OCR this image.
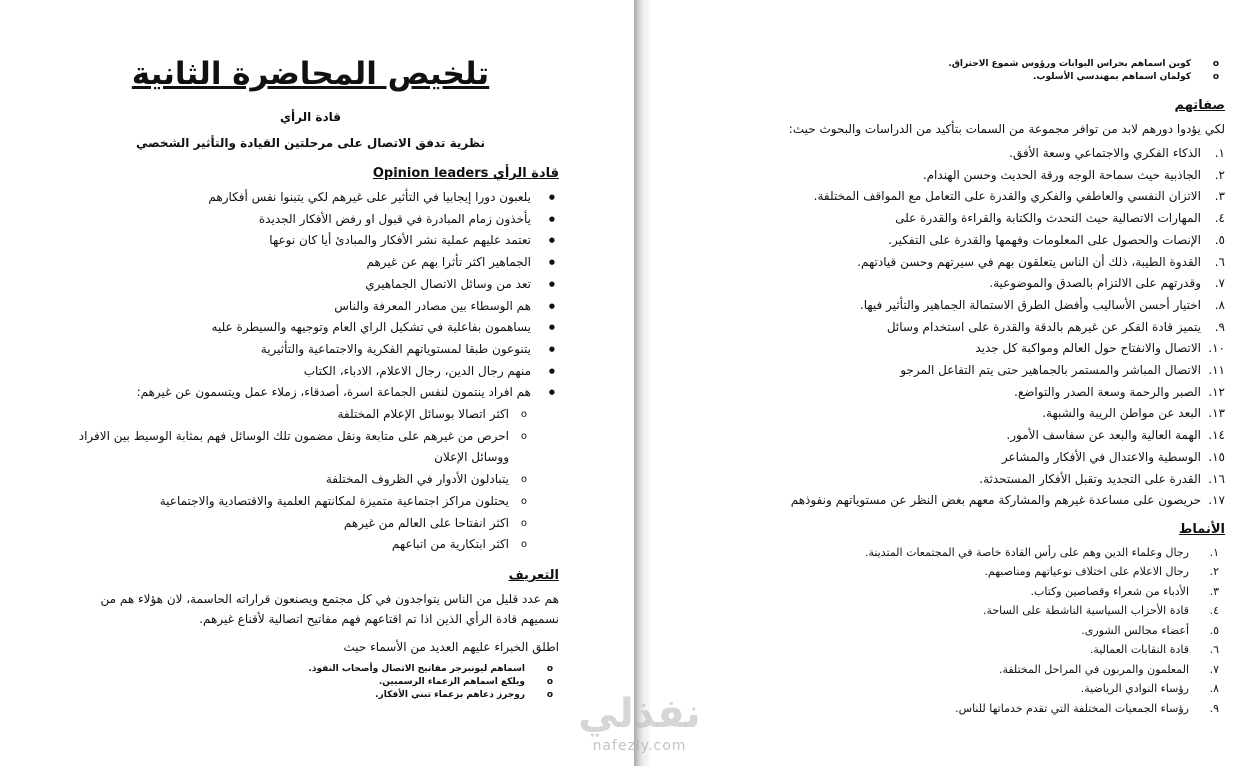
تلخيص المحاضرة الثانية
قادة الرأي
نظرية تدفق الاتصال على مرحلتين القيادة والتأثير الشخصي
قادة الرأي Opinion leaders
● يلعبون دورا إيجابيا في التأثير على غيرهم لكي يتبنوا نفس أفكارهم
● يأخذون زمام المبادرة في قبول او رفض الأفكار الجديدة
● تعتمد عليهم عملية نشر الأفكار والمبادئ أيا كان نوعها
● الجماهير اكثر تأثرا بهم عن غيرهم
● تعد من وسائل الاتصال الجماهيري
● هم الوسطاء بين مصادر المعرفة والناس
● يساهمون بفاعلية في تشكيل الراي العام وتوجيهه والسيطرة عليه
● يتنوعون طبقا لمستوياتهم الفكرية والاجتماعية والتأثيرية
● منهم رجال الدين، رجال الاعلام، الادباء، الكتاب
● هم افراد ينتمون لنفس الجماعة اسرة، أصدقاء، زملاء عمل ويتسمون عن غيرهم:
o اكثر اتصالا بوسائل الإعلام المختلفة
o احرص من غيرهم على متابعة ونقل مضمون تلك الوسائل فهم بمثابة الوسيط بين الافراد ووسائل الإعلان
o يتبادلون الأدوار في الظروف المختلفة
o يحتلون مراكز اجتماعية متميزة لمكانتهم العلمية والاقتصادية والاجتماعية
o اكثر انفتاحا على العالم من غيرهم
o اكثر ابتكارية من اتباعهم
التعريف

هم عدد قليل من الناس يتواجدون في كل مجتمع ويصنعون قراراته الحاسمة، لان هؤلاء هم من نسميهم قادة الرأي الذين اذا تم اقتاعهم فهم مفاتيح اتصالية لأقناع غيرهم.

اطلق الخبراء عليهم العديد من الأسماء حيث

o اسماهم ليونبرجر مفاتيح الاتصال وأصحاب النفوذ.
o ويلكع اسماهم الزعماء الرسميين.
o روجرز دعاهم بزعماء تبني الأفكار.
o كوين اسماهم بحراس البوابات ورؤوس شموع الاحتراق.
o كولمان اسماهم بمهندسي الأسلوب.
صفاتهم

لكي يؤدوا دورهم لابد من توافر مجموعة من السمات بتأكيد من الدراسات والبحوث حيث:

١.
الذكاء الفكري والاجتماعي وسعة الأفق.
٢.
الجاذبية حيث سماحة الوجه ورقة الحديث وحسن الهندام.
٣.
الاتزان النفسي والعاطفي والفكري والقدرة على التعامل مع المواقف المختلفة.
٤.
المهارات الاتصالية حيث التحدث والكتابة والقراءة والقدرة على
٥.
الإنصات والحصول على المعلومات وفهمها والقدرة على التفكير.
٦.
القدوة الطيبة، ذلك أن الناس يتعلقون بهم في سيرتهم وحسن قيادتهم.
٧.
وقدرتهم على الالتزام بالصدق والموضوعية.
٨.
اختيار أحسن الأساليب وأفضل الطرق الاستمالة الجماهير والتأثير فيها.
٩.
يتميز قادة الفكر عن غيرهم بالدقة والقدرة على استخدام وسائل
١٠.
الاتصال والانفتاح حول العالم ومواكبة كل جديد
١١.
الاتصال المباشر والمستمر بالجماهير حتى يتم التفاعل المرجو
١٢.
الصبر والرحمة وسعة الصدر والتواضع.
١٣.
البعد عن مواطن الريبة والشبهة.
١٤.
الهمة العالية والبعد عن سفاسف الأمور.
١٥.
الوسطية والاعتدال في الأفكار والمشاعر
١٦.
القدرة على التجديد وتقبل الأفكار المستحدثة.
١٧.
حريصون على مساعدة غيرهم والمشاركة معهم بغض النظر عن مستوياتهم ونفوذهم
الأنماط
١.
رجال وعلماء الدين وهم على رأس القادة خاصة في المجتمعات المتدينة.
٢.
رجال الاعلام على اختلاف نوعياتهم ومناصبهم.
٣.
الأدباء من شعراء وقصاصين وكتاب.
٤.
قادة الأحزاب السياسية الناشطة على الساحة.
٥.
أعضاء مجالس الشورى.
٦.
قادة النقابات العمالية.
٧.
المعلمون والمربون في المراحل المختلفة.
٨.
رؤساء النوادي الرياضية.
٩.
رؤساء الجمعيات المختلفة التي تقدم خدماتها للناس.
نفذلي
nafezly.com
